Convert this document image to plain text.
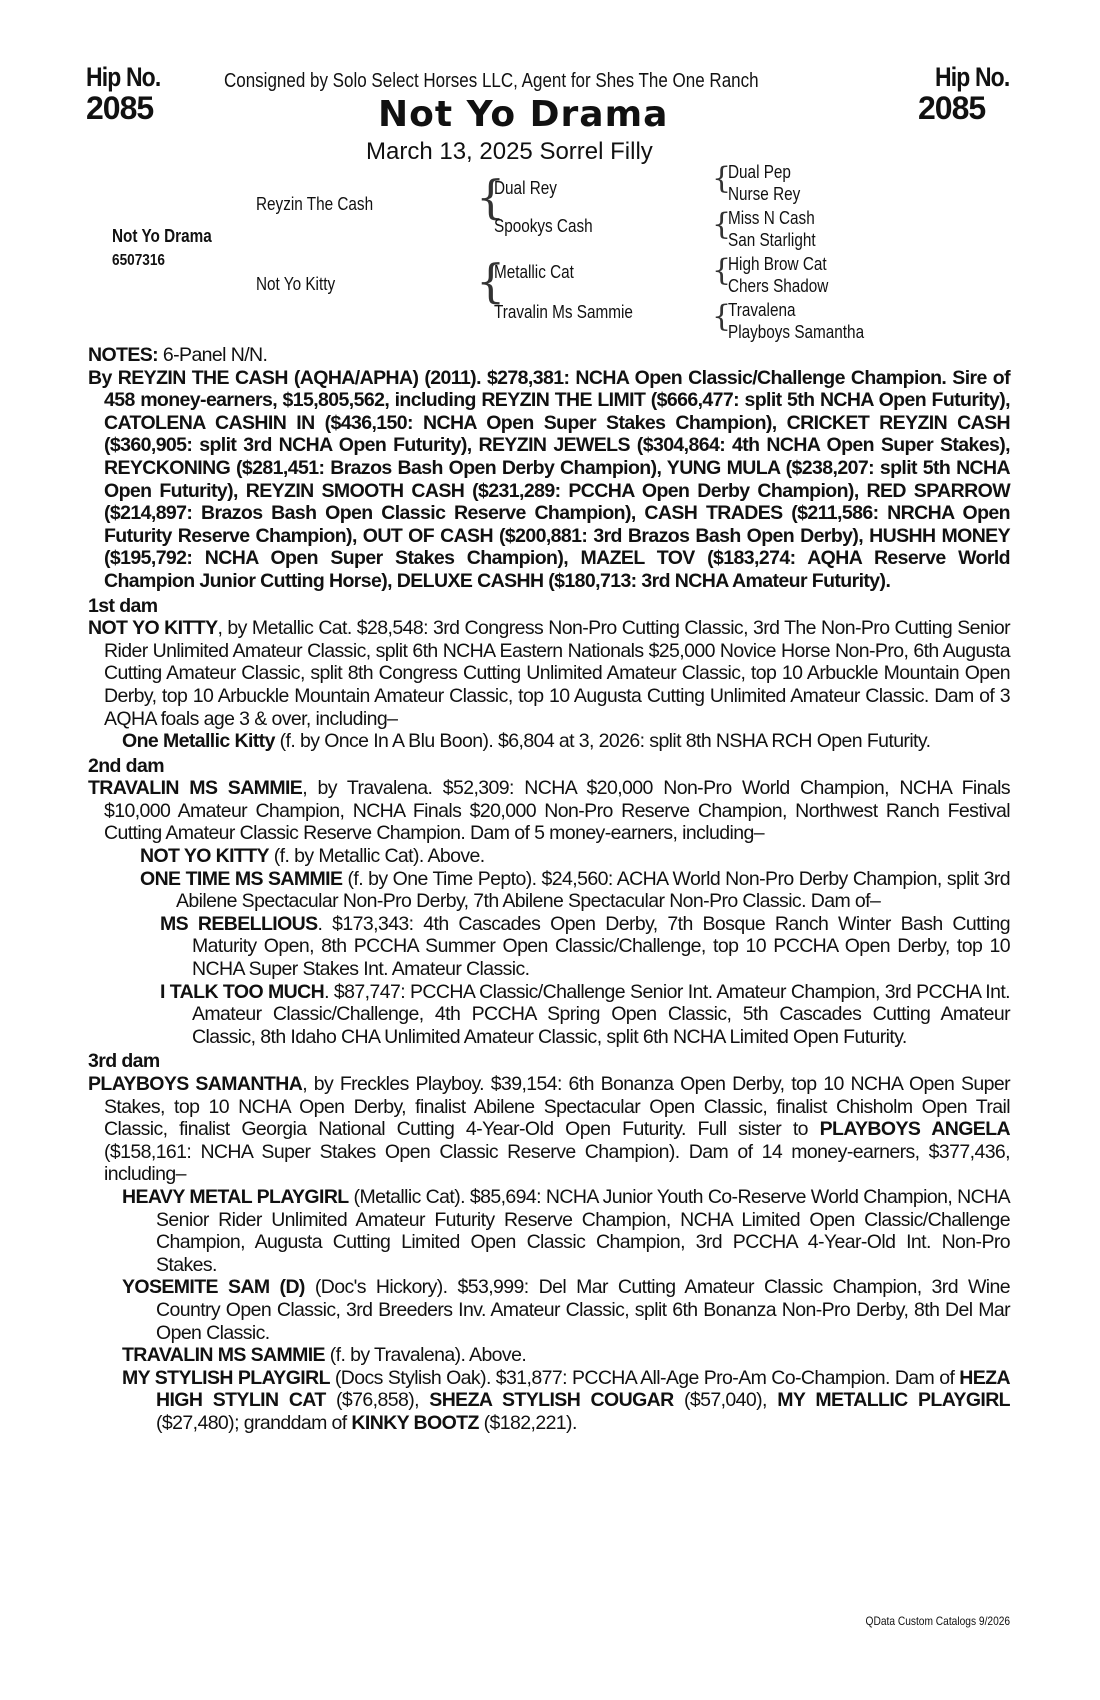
Hip No.
2085
Hip No.
2085
Consigned by Solo Select Horses LLC, Agent for Shes The One Ranch
Not Yo Drama
March 13, 2025 Sorrel Filly
Not Yo Drama
6507316
Reyzin The Cash
Not Yo Kitty
{
{
Dual Rey
Spookys Cash
Metallic Cat
Travalin Ms Sammie
{
{
{
{
Dual Pep
Nurse Rey
Miss N Cash
San Starlight
High Brow Cat
Chers Shadow
Travalena
Playboys Samantha

NOTES: 6-Panel N/N.

By REYZIN THE CASH (AQHA/APHA) (2011). $278,381: NCHA Open Classic/Challenge Champion. Sire of 458 money-earners, $15,805,562, including REYZIN THE LIMIT ($666,477: split 5th NCHA Open Futurity), CATOLENA CASHIN IN ($436,150: NCHA Open Super Stakes Champion), CRICKET REYZIN CASH ($360,905: split 3rd NCHA Open Futurity), REYZIN JEWELS ($304,864: 4th NCHA Open Super Stakes), REYCKONING ($281,451: Brazos Bash Open Derby Champion), YUNG MULA ($238,207: split 5th NCHA Open Futurity), REYZIN SMOOTH CASH ($231,289: PCCHA Open Derby Champion), RED SPARROW ($214,897: Brazos Bash Open Classic Reserve Champion), CASH TRADES ($211,586: NRCHA Open Futurity Reserve Champion), OUT OF CASH ($200,881: 3rd Brazos Bash Open Derby), HUSHH MONEY ($195,792: NCHA Open Super Stakes Champion), MAZEL TOV ($183,274: AQHA Reserve World Champion Junior Cutting Horse), DELUXE CASHH ($180,713: 3rd NCHA Amateur Futurity).

1st dam

NOT YO KITTY, by Metallic Cat. $28,548: 3rd Congress Non-Pro Cutting Classic, 3rd The Non-Pro Cutting Senior Rider Unlimited Amateur Classic, split 6th NCHA Eastern Nationals $25,000 Novice Horse Non-Pro, 6th Augusta Cutting Amateur Classic, split 8th Congress Cutting Unlimited Amateur Classic, top 10 Arbuckle Mountain Open Derby, top 10 Arbuckle Mountain Amateur Classic, top 10 Augusta Cutting Unlimited Amateur Classic. Dam of 3 AQHA foals age 3 & over, including–

One Metallic Kitty (f. by Once In A Blu Boon). $6,804 at 3, 2026: split 8th NSHA RCH Open Futurity.

2nd dam

TRAVALIN MS SAMMIE, by Travalena. $52,309: NCHA $20,000 Non-Pro World Champion, NCHA Finals $10,000 Amateur Champion, NCHA Finals $20,000 Non-Pro Reserve Champion, Northwest Ranch Festival Cutting Amateur Classic Reserve Champion. Dam of 5 money-earners, including–

NOT YO KITTY (f. by Metallic Cat). Above.

ONE TIME MS SAMMIE (f. by One Time Pepto). $24,560: ACHA World Non-Pro Derby Champion, split 3rd Abilene Spectacular Non-Pro Derby, 7th Abilene Spectacular Non-Pro Classic. Dam of–

MS REBELLIOUS. $173,343: 4th Cascades Open Derby, 7th Bosque Ranch Winter Bash Cutting Maturity Open, 8th PCCHA Summer Open Classic/Challenge, top 10 PCCHA Open Derby, top 10 NCHA Super Stakes Int. Amateur Classic.

I TALK TOO MUCH. $87,747: PCCHA Classic/Challenge Senior Int. Amateur Champion, 3rd PCCHA Int. Amateur Classic/Challenge, 4th PCCHA Spring Open Classic, 5th Cascades Cutting Amateur Classic, 8th Idaho CHA Unlimited Amateur Classic, split 6th NCHA Limited Open Futurity.

3rd dam

PLAYBOYS SAMANTHA, by Freckles Playboy. $39,154: 6th Bonanza Open Derby, top 10 NCHA Open Super Stakes, top 10 NCHA Open Derby, finalist Abilene Spectacular Open Classic, finalist Chisholm Open Trail Classic, finalist Georgia National Cutting 4-Year-Old Open Futurity. Full sister to PLAYBOYS ANGELA ($158,161: NCHA Super Stakes Open Classic Reserve Champion). Dam of 14 money-earners, $377,436, including–

HEAVY METAL PLAYGIRL (Metallic Cat). $85,694: NCHA Junior Youth Co-Reserve World Champion, NCHA Senior Rider Unlimited Amateur Futurity Reserve Champion, NCHA Limited Open Classic/Challenge Champion, Augusta Cutting Limited Open Classic Champion, 3rd PCCHA 4-Year-Old Int. Non-Pro Stakes.

YOSEMITE SAM (D) (Doc's Hickory). $53,999: Del Mar Cutting Amateur Classic Champion, 3rd Wine Country Open Classic, 3rd Breeders Inv. Amateur Classic, split 6th Bonanza Non-Pro Derby, 8th Del Mar Open Classic.

TRAVALIN MS SAMMIE (f. by Travalena). Above.

MY STYLISH PLAYGIRL (Docs Stylish Oak). $31,877: PCCHA All-Age Pro-Am Co-Champion. Dam of HEZA HIGH STYLIN CAT ($76,858), SHEZA STYLISH COUGAR ($57,040), MY METALLIC PLAYGIRL ($27,480); granddam of KINKY BOOTZ ($182,221).

QData Custom Catalogs 9/2026
